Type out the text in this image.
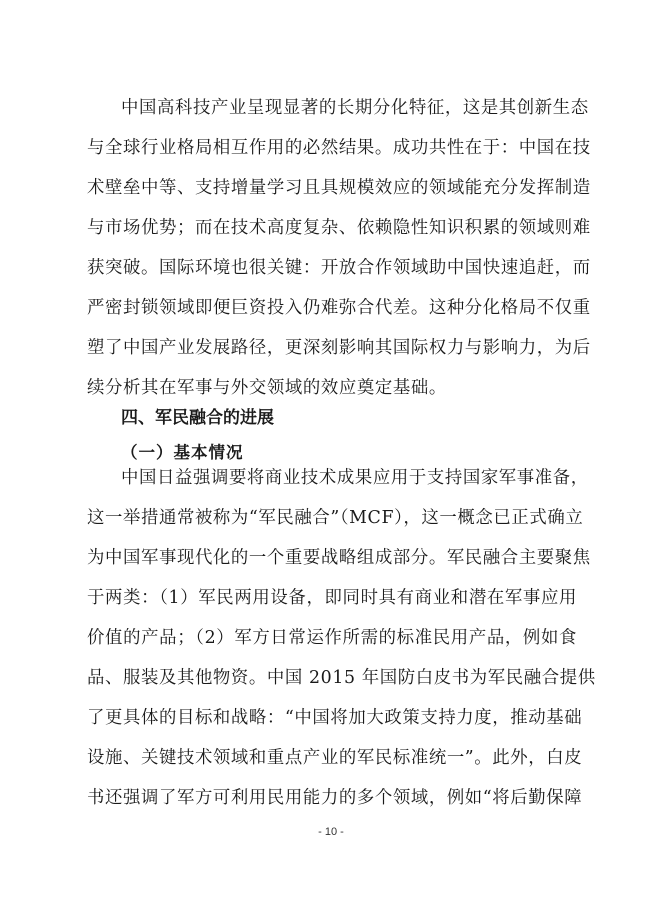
中国高科技产业呈现显著的长期分化特征，这是其创新生态
与全球行业格局相互作用的必然结果。成功共性在于：中国在技
术壁垒中等、支持增量学习且具规模效应的领域能充分发挥制造
与市场优势；而在技术高度复杂、依赖隐性知识积累的领域则难
获突破。国际环境也很关键：开放合作领域助中国快速追赶，而
严密封锁领域即便巨资投入仍难弥合代差。这种分化格局不仅重
塑了中国产业发展路径，更深刻影响其国际权力与影响力，为后
续分析其在军事与外交领域的效应奠定基础。
四、军民融合的进展
（一）基本情况
中国日益强调要将商业技术成果应用于支持国家军事准备，
这一举措通常被称为“军民融合”（MCF），这一概念已正式确立
为中国军事现代化的一个重要战略组成部分。军民融合主要聚焦
于两类：（1）军民两用设备，即同时具有商业和潜在军事应用
价值的产品；（2）军方日常运作所需的标准民用产品，例如食
品、服装及其他物资。中国 2015 年国防白皮书为军民融合提供
了更具体的目标和战略：“中国将加大政策支持力度，推动基础
设施、关键技术领域和重点产业的军民标准统一”。此外，白皮
书还强调了军方可利用民用能力的多个领域，例如“将后勤保障
- 10 -
